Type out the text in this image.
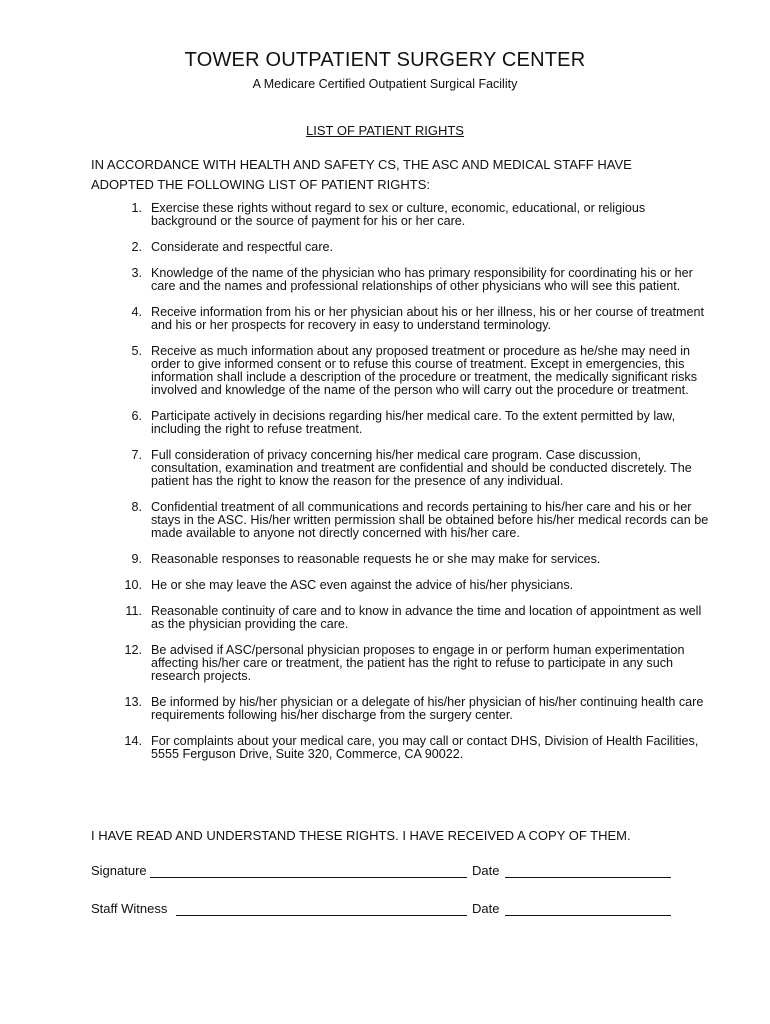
TOWER OUTPATIENT SURGERY CENTER
A Medicare Certified Outpatient Surgical Facility
LIST OF PATIENT RIGHTS
IN ACCORDANCE WITH HEALTH AND SAFETY CS, THE ASC AND MEDICAL STAFF HAVE ADOPTED THE FOLLOWING LIST OF PATIENT RIGHTS:
1. Exercise these rights without regard to sex or culture, economic, educational, or religious background or the source of payment for his or her care.
2. Considerate and respectful care.
3. Knowledge of the name of the physician who has primary responsibility for coordinating his or her care and the names and professional relationships of other physicians who will see this patient.
4. Receive information from his or her physician about his or her illness, his or her course of treatment and his or her prospects for recovery in easy to understand terminology.
5. Receive as much information about any proposed treatment or procedure as he/she may need in order to give informed consent or to refuse this course of treatment. Except in emergencies, this information shall include a description of the procedure or treatment, the medically significant risks involved and knowledge of the name of the person who will carry out the procedure or treatment.
6. Participate actively in decisions regarding his/her medical care. To the extent permitted by law, including the right to refuse treatment.
7. Full consideration of privacy concerning his/her medical care program. Case discussion, consultation, examination and treatment are confidential and should be conducted discretely. The patient has the right to know the reason for the presence of any individual.
8. Confidential treatment of all communications and records pertaining to his/her care and his or her stays in the ASC. His/her written permission shall be obtained before his/her medical records can be made available to anyone not directly concerned with his/her care.
9. Reasonable responses to reasonable requests he or she may make for services.
10. He or she may leave the ASC even against the advice of his/her physicians.
11. Reasonable continuity of care and to know in advance the time and location of appointment as well as the physician providing the care.
12. Be advised if ASC/personal physician proposes to engage in or perform human experimentation affecting his/her care or treatment, the patient has the right to refuse to participate in any such research projects.
13. Be informed by his/her physician or a delegate of his/her physician of his/her continuing health care requirements following his/her discharge from the surgery center.
14. For complaints about your medical care, you may call or contact DHS, Division of Health Facilities, 5555 Ferguson Drive, Suite 320, Commerce, CA 90022.
I HAVE READ AND UNDERSTAND THESE RIGHTS. I HAVE RECEIVED A COPY OF THEM.
Signature	Date
Staff Witness	Date
